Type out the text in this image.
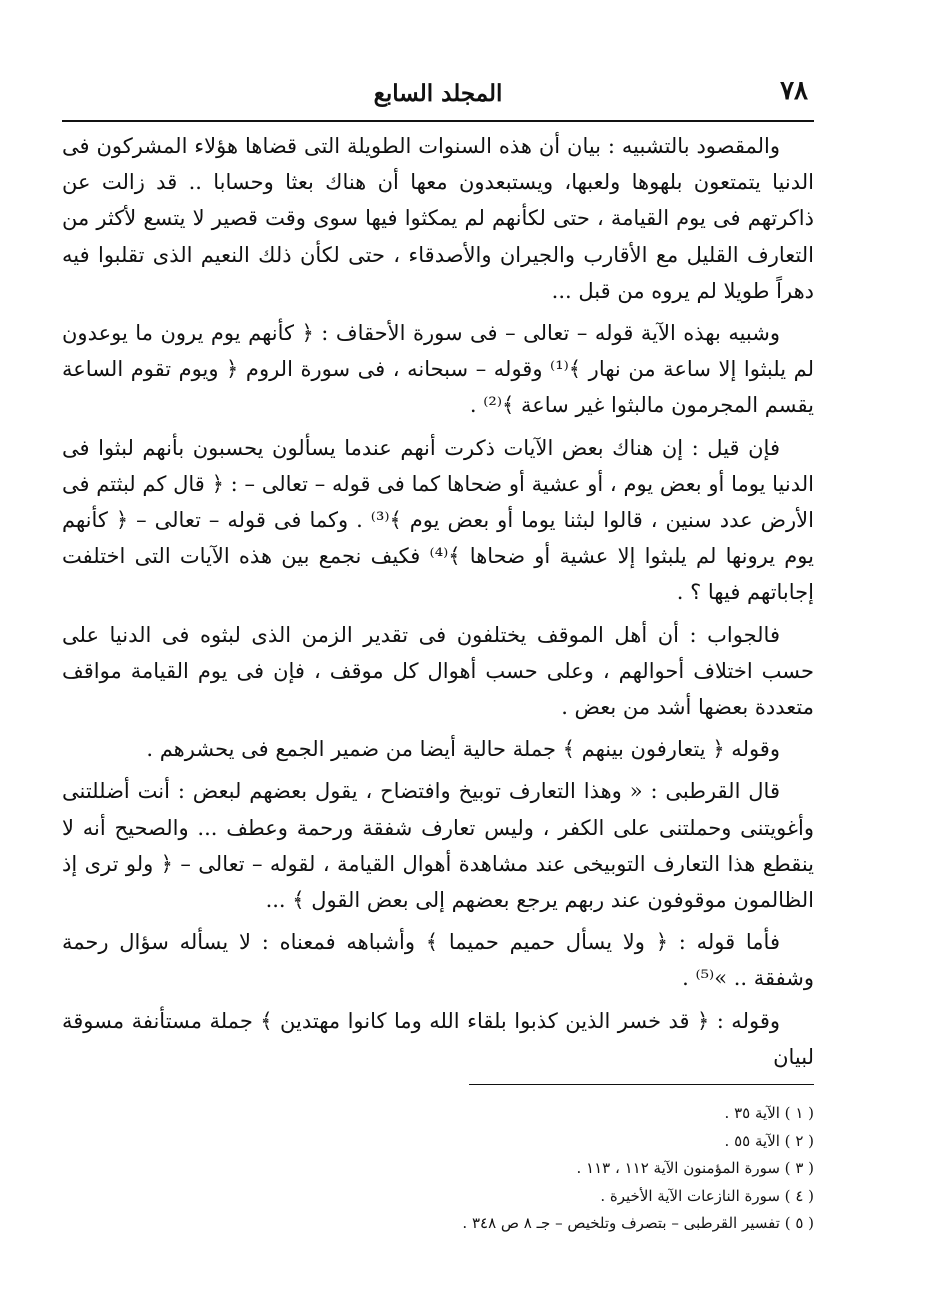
٧٨
المجلد السابع

والمقصود بالتشبيه : بيان أن هذه السنوات الطويلة التى قضاها هؤلاء المشركون فى الدنيا يتمتعون بلهوها ولعبها، ويستبعدون معها أن هناك بعثا وحسابا .. قد زالت عن ذاكرتهم فى يوم القيامة ، حتى لكأنهم لم يمكثوا فيها سوى وقت قصير لا يتسع لأكثر من التعارف القليل مع الأقارب والجيران والأصدقاء ، حتى لكأن ذلك النعيم الذى تقلبوا فيه دهراً طويلا لم يروه من قبل ...

وشبيه بهذه الآية قوله – تعالى – فى سورة الأحقاف : ﴿ كأنهم يوم يرون ما يوعدون لم يلبثوا إلا ساعة من نهار ﴾⁽¹⁾ وقوله – سبحانه ، فى سورة الروم ﴿ ويوم تقوم الساعة يقسم المجرمون مالبثوا غير ساعة ﴾⁽²⁾ .

فإن قيل : إن هناك بعض الآيات ذكرت أنهم عندما يسألون يحسبون بأنهم لبثوا فى الدنيا يوما أو بعض يوم ، أو عشية أو ضحاها كما فى قوله – تعالى – : ﴿ قال كم لبثتم فى الأرض عدد سنين ، قالوا لبثنا يوما أو بعض يوم ﴾⁽³⁾ . وكما فى قوله – تعالى – ﴿ كأنهم يوم يرونها لم يلبثوا إلا عشية أو ضحاها ﴾⁽⁴⁾ فكيف نجمع بين هذه الآيات التى اختلفت إجاباتهم فيها ؟ .

فالجواب : أن أهل الموقف يختلفون فى تقدير الزمن الذى لبثوه فى الدنيا على حسب اختلاف أحوالهم ، وعلى حسب أهوال كل موقف ، فإن فى يوم القيامة مواقف متعددة بعضها أشد من بعض .

وقوله ﴿ يتعارفون بينهم ﴾ جملة حالية أيضا من ضمير الجمع فى يحشرهم .

قال القرطبى : « وهذا التعارف توبيخ وافتضاح ، يقول بعضهم لبعض : أنت أضللتنى وأغويتنى وحملتنى على الكفر ، وليس تعارف شفقة ورحمة وعطف ... والصحيح أنه لا ينقطع هذا التعارف التوبيخى عند مشاهدة أهوال القيامة ، لقوله – تعالى – ﴿ ولو ترى إذ الظالمون موقوفون عند ربهم يرجع بعضهم إلى بعض القول ﴾ ...

فأما قوله : ﴿ ولا يسأل حميم حميما ﴾ وأشباهه فمعناه : لا يسأله سؤال رحمة وشفقة .. »⁽⁵⁾ .

وقوله : ﴿ قد خسر الذين كذبوا بلقاء الله وما كانوا مهتدين ﴾ جملة مستأنفة مسوقة لبيان

( ١ ) الآية ٣٥ .
( ٢ ) الآية ٥٥ .
( ٣ ) سورة المؤمنون الآية ١١٢ ، ١١٣ .
( ٤ ) سورة النازعات الآية الأخيرة .
( ٥ ) تفسير القرطبى – بتصرف وتلخيص – جـ ٨ ص ٣٤٨ .
